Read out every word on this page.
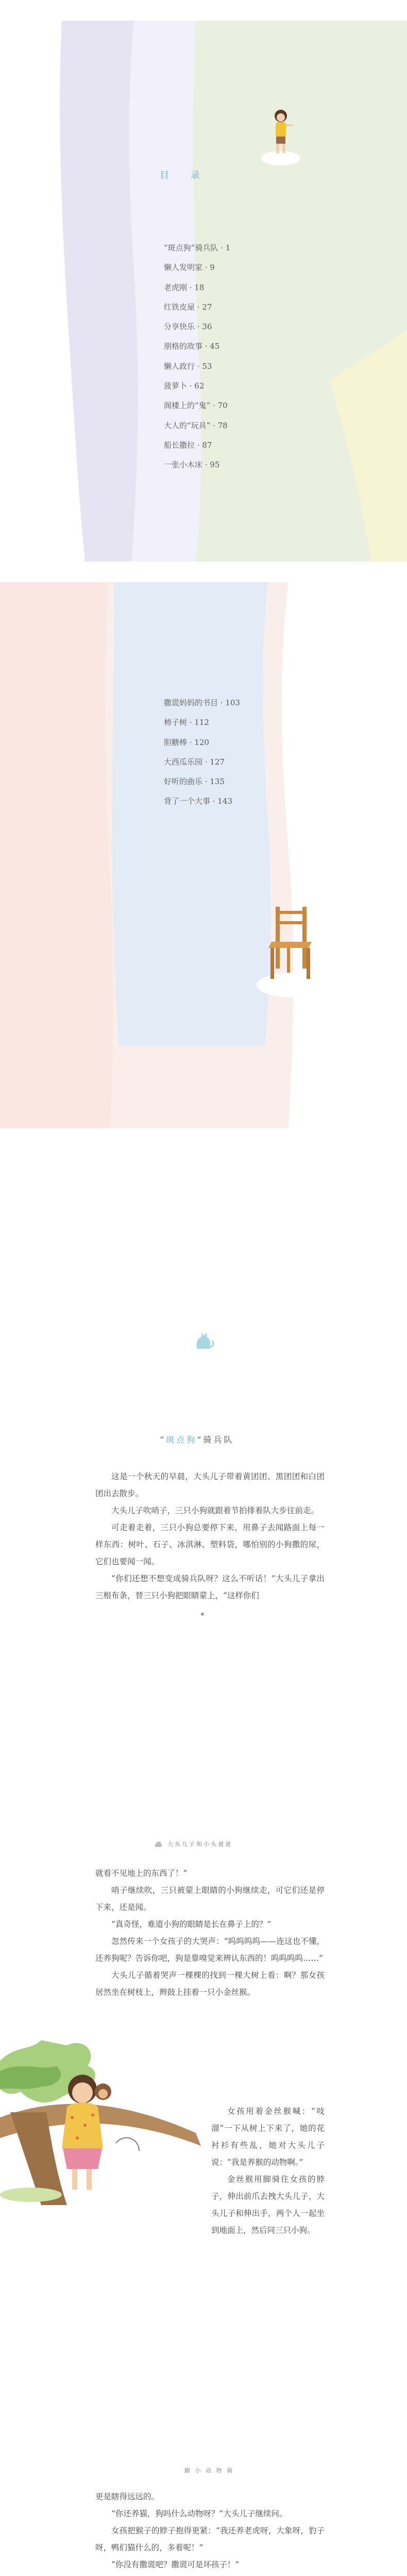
目 录
“斑点狗”骑兵队 · 1
懒人发明家 · 9
老虎刚 · 18
红铁皮屋 · 27
分享快乐 · 36
朋格的故事 · 45
懒人政行 · 53
菠萝卜 · 62
阁楼上的“鬼” · 70
大人的“玩具” · 78
船长撒拉 · 87
一张小木床 · 95
撒谎妈妈的书目 · 103
柿子树 · 112
胆糖棒 · 120
大西瓜乐园 · 127
好听的曲乐 · 135
背了一个大事 · 143
“斑点狗”骑兵队

这是一个秋天的早晨，大头儿子带着黄团团、黑团团和白团团出去散步。

大头儿子吹哨子，三只小狗就跟着节拍排着队大步往前走。

可走着走着，三只小狗总要停下来，用鼻子去闻路面上每一样东西：树叶、石子、冰淇淋、塑料袋，哪怕别的小狗撒的尿，它们也要闻一闻。

“你们还想不想变成骑兵队呀？这么不听话！”大头儿子拿出三根布条，替三只小狗把眼睛蒙上，“这样你们

大头儿子和小头爸爸

就看不见地上的东西了！”

哨子继续吹，三只被蒙上眼睛的小狗继续走，可它们还是停下来，还是闻。

“真奇怪，难道小狗的眼睛是长在鼻子上的？”

忽然传来一个女孩子的大哭声：“呜呜呜呜——连这也不懂，还养狗呢？告诉你吧，狗是靠嗅觉来辨认东西的！呜呜呜呜……”

大头儿子循着哭声一棵棵的找到一棵大树上看：啊？那女孩居然坐在树枝上，辫鼓上挂着一只小金丝猴。

女孩用着金丝猴喊：“吱溜”一下从树上下来了，她的花衬衫有些乱，她对大头儿子说：“我是养猴的动物啊。”

金丝猴用脚骑住女孩的脖子，伸出前爪去拽大头儿子，大头儿子和伸出手，两个人一起坐到地面上，然后同三只小狗。

脚 小 动 物 骑

更是瞎得远远的。

“你还养猫，狗吗什么动物呀？”大头儿子继续问。

女孩把猴子的脖子抱得更紧：“我还养老虎呀，大象呀，豹子呀，鸭们猫什么的，多着呢！”

“你没有撒谎吧？撒谎可是坏孩子！”
